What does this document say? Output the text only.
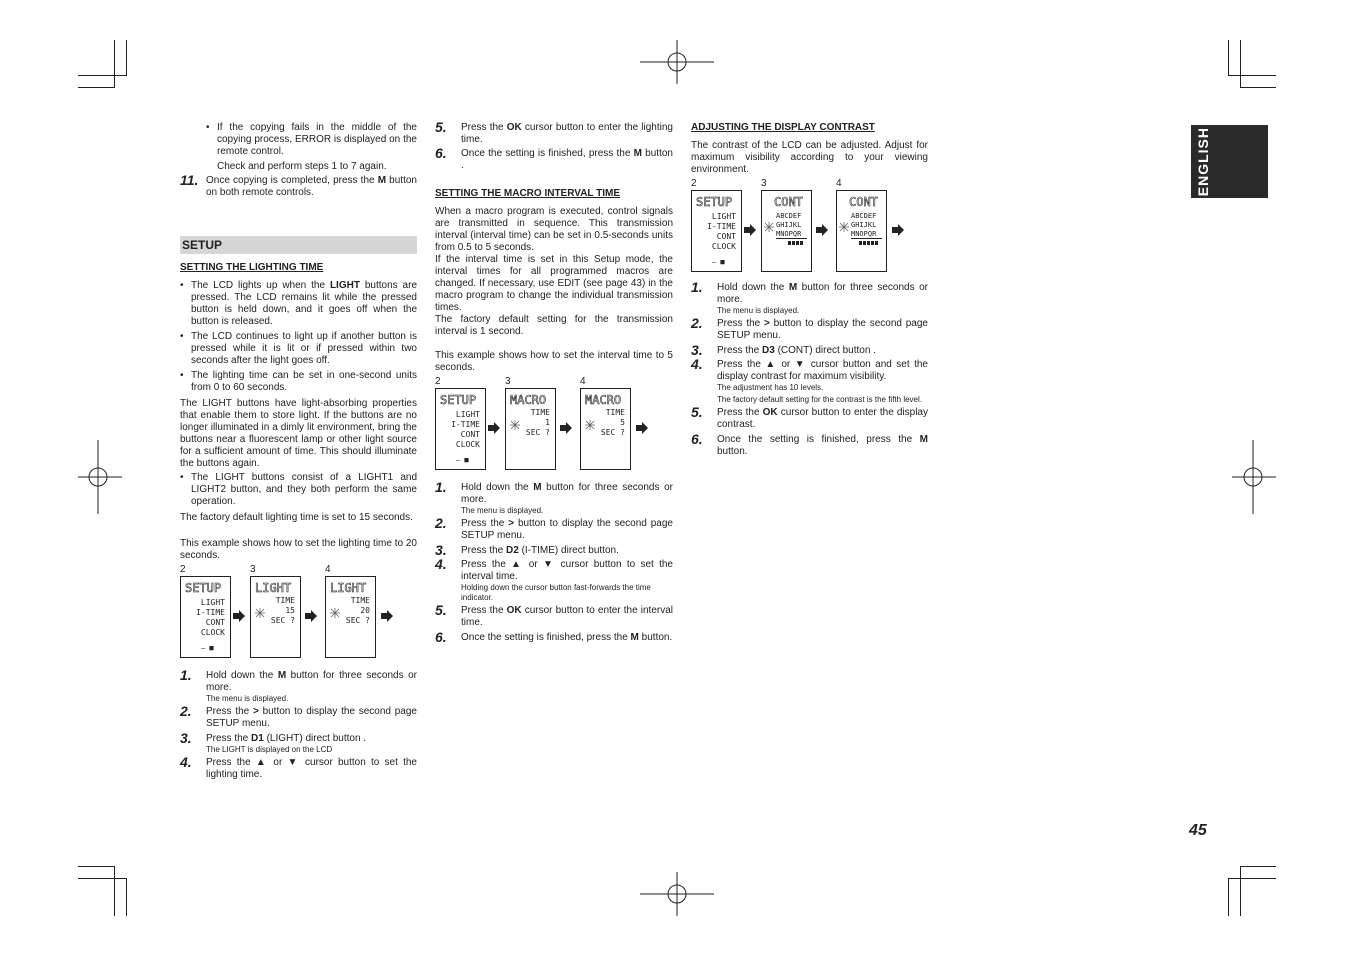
ENGLISH
45

• If the copying fails in the middle of the copying process, ERROR is displayed on the remote control.

Check and perform steps 1 to 7 again.

11. Once copying is completed, press the M button on both remote controls.

SETUP
SETTING THE LIGHTING TIME

• The LCD lights up when the LIGHT buttons are pressed. The LCD remains lit while the pressed button is held down, and it goes off when the button is released.

• The LCD continues to light up if another button is pressed while it is lit or if pressed within two seconds after the light goes off.

• The lighting time can be set in one-second units from 0 to 60 seconds.

The LIGHT buttons have light-absorbing properties that enable them to store light. If the buttons are no longer illuminated in a dimly lit environment, bring the buttons near a fluorescent lamp or other light source for a sufficient amount of time. This should illuminate the buttons again.

• The LIGHT buttons consist of a LIGHT1 and LIGHT2 button, and they both perform the same operation.

The factory default lighting time is set to 15 seconds.

This example shows how to set the lighting time to 20 seconds.

2	3	4
SETUP
LIGHT
I-TIME
CONT
CLOCK
– ■
LIGHT
TIME
15
SEC ?
LIGHT
TIME
20
SEC ?

1. Hold down the M button for three seconds or more.

The menu is displayed.

2. Press the > button to display the second page SETUP menu.

3. Press the D1 (LIGHT) direct button .

The LIGHT is displayed on the LCD

4. Press the ▲ or ▼ cursor button to set the lighting time.

5. Press the OK cursor button to enter the lighting time.

6. Once the setting is finished, press the M button .

SETTING THE MACRO INTERVAL TIME

When a macro program is executed, control signals are transmitted in sequence. This transmission interval (interval time) can be set in 0.5-seconds units from 0.5 to 5 seconds.

If the interval time is set in this Setup mode, the interval times for all programmed macros are changed. If necessary, use EDIT (see page 43) in the macro program to change the individual transmission times.

The factory default setting for the transmission interval is 1 second.

This example shows how to set the interval time to 5 seconds.

2	3	4
SETUP
LIGHT
I-TIME
CONT
CLOCK
– ■
MACRO
TIME
1
SEC ?
MACRO
TIME
5
SEC ?

1. Hold down the M button for three seconds or more.

The menu is displayed.

2. Press the > button to display the second page SETUP menu.

3. Press the D2 (I-TIME) direct button.

4. Press the ▲ or ▼ cursor button to set the interval time.

Holding down the cursor button fast-forwards the time indicator.

5. Press the OK cursor button to enter the interval time.

6. Once the setting is finished, press the M button.

ADJUSTING THE DISPLAY CONTRAST

The contrast of the LCD can be adjusted. Adjust for maximum visibility according to your viewing environment.

2	3	4
SETUP
LIGHT
I-TIME
CONT
CLOCK
– ■
CONT
ABCDEF
GHIJKL
MNOPQR
CONT
ABCDEF
GHIJKL
MNOPQR

1. Hold down the M button for three seconds or more.

The menu is displayed.

2. Press the > button to display the second page SETUP menu.

3. Press the D3 (CONT) direct button .

4. Press the ▲ or ▼ cursor button and set the display contrast for maximum visibility.

The adjustment has 10 levels.

The factory default setting for the contrast is the fifth level.

5. Press the OK cursor button to enter the display contrast.

6. Once the setting is finished, press the M button.
